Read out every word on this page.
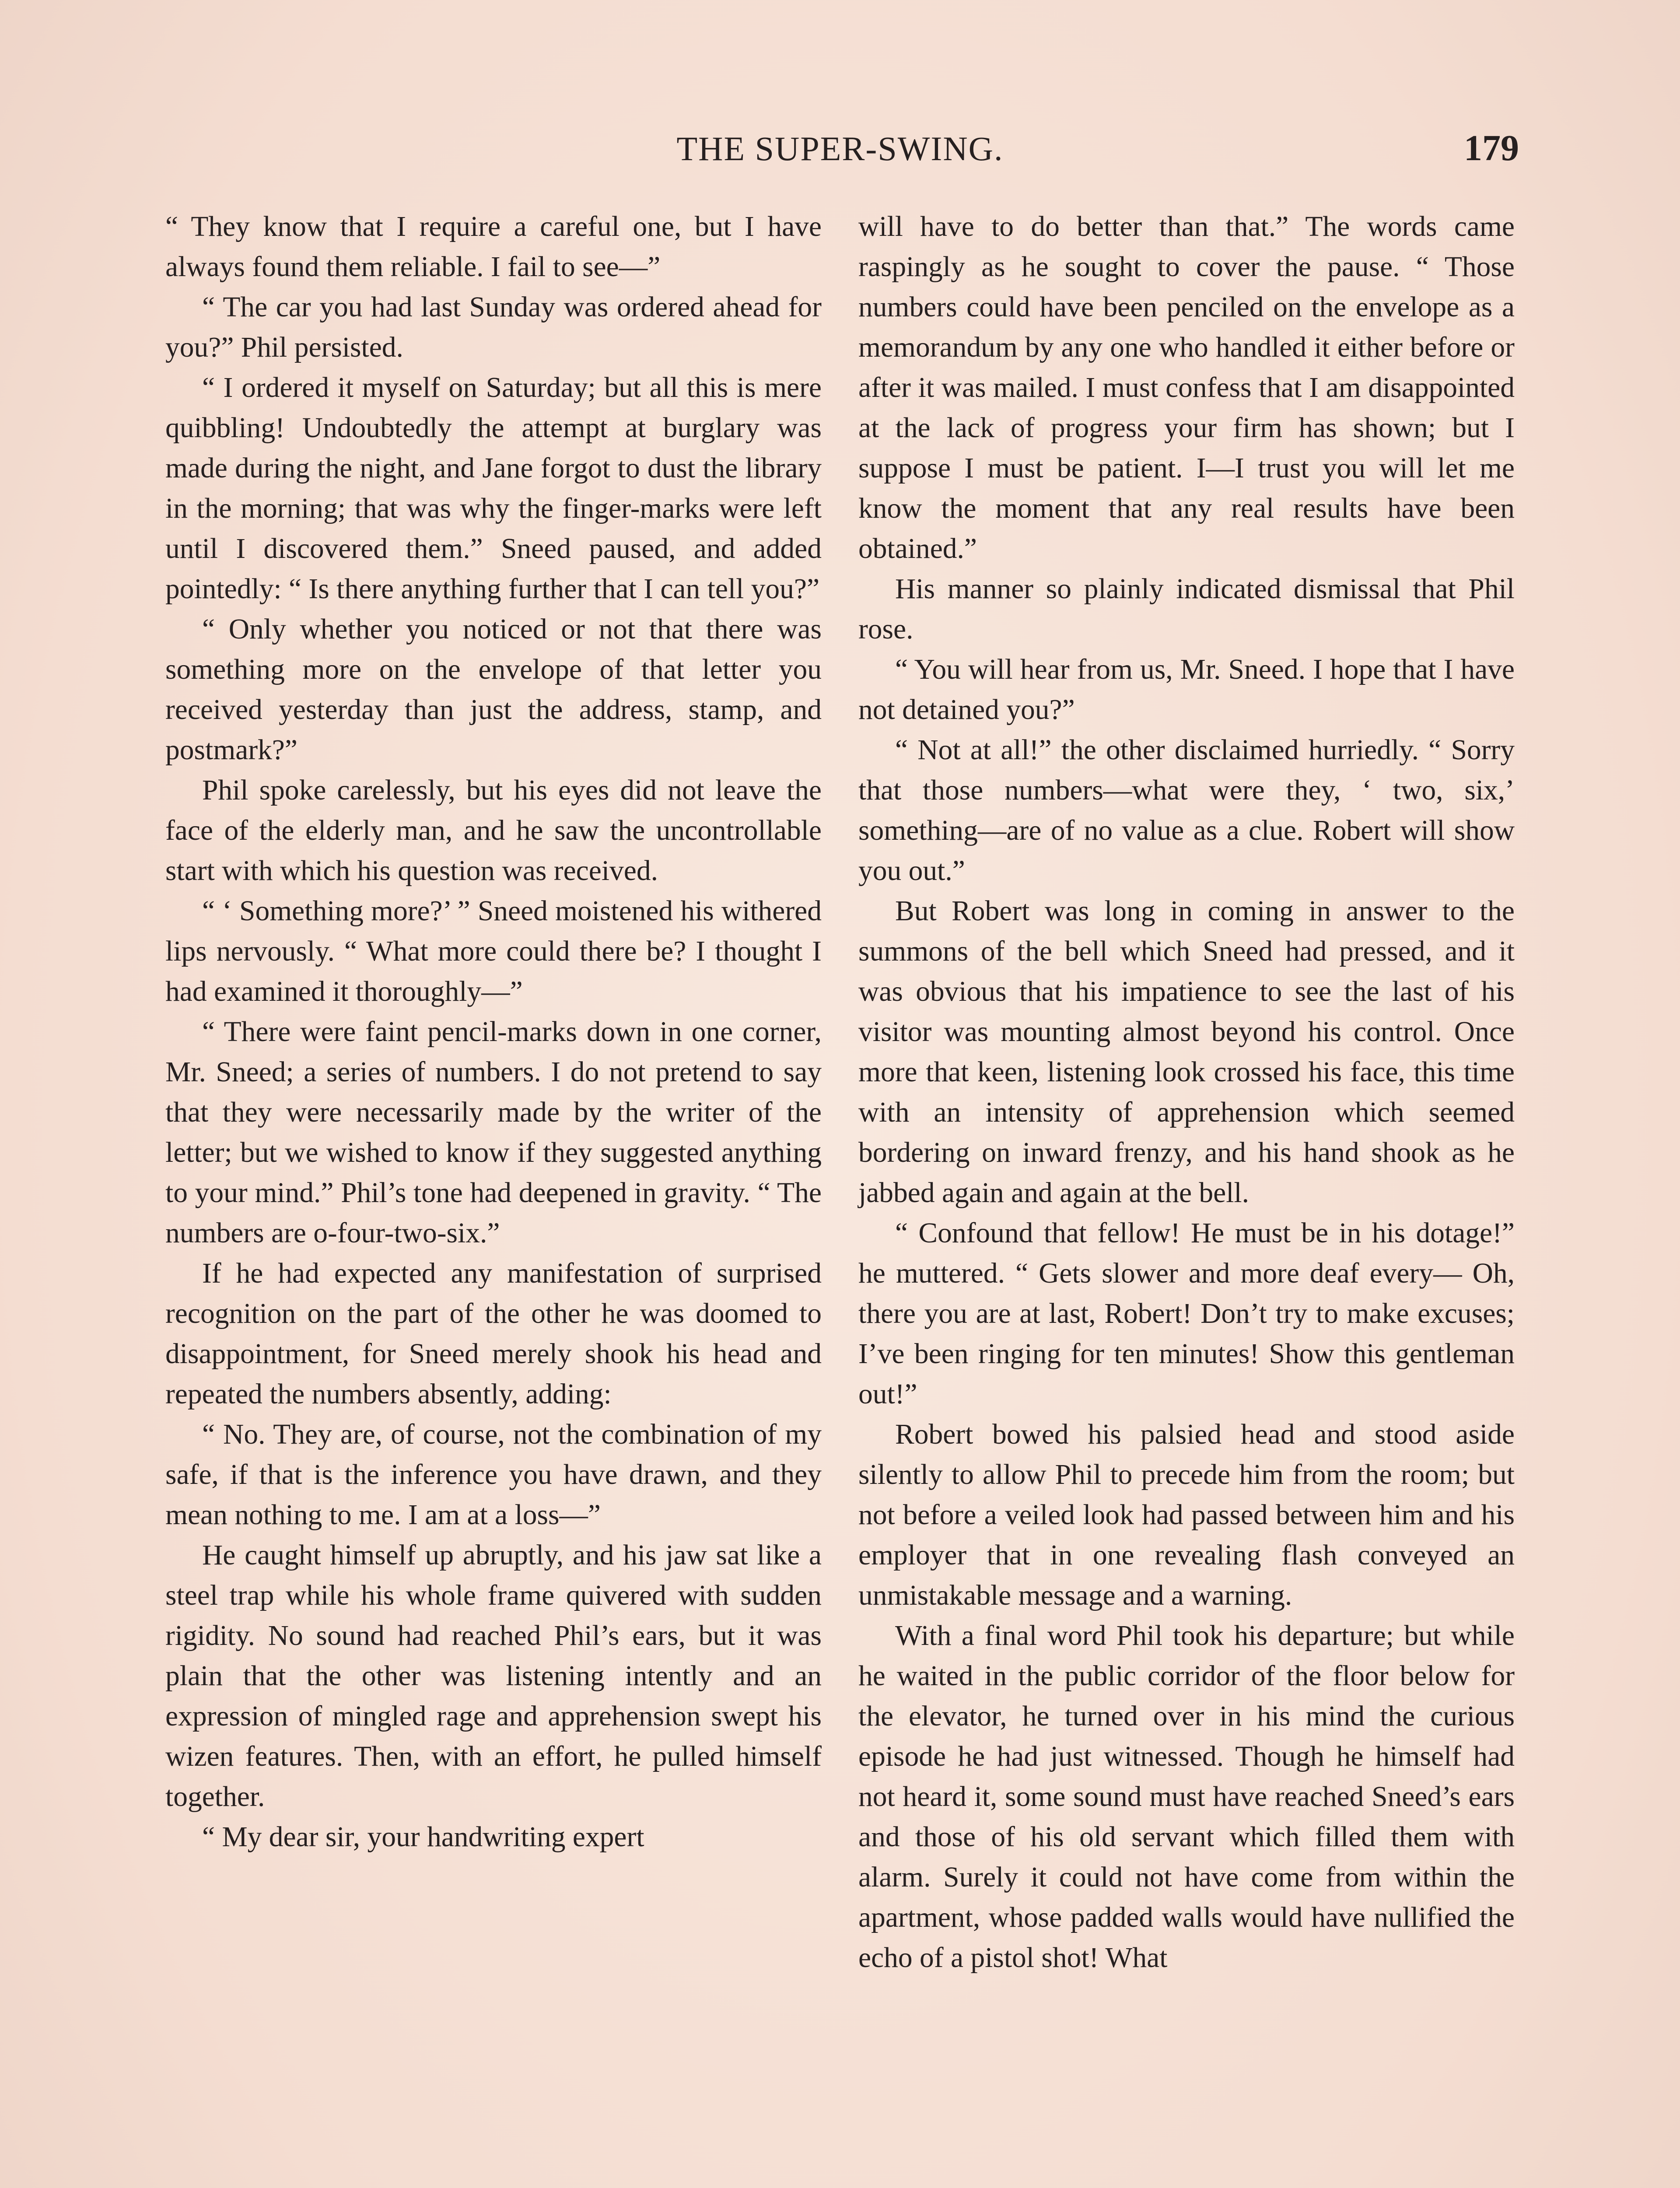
THE SUPER-SWING.	179

“ They know that I require a careful one, but I have always found them reliable. I fail to see—”

“ The car you had last Sunday was ordered ahead for you?” Phil persisted.

“ I ordered it myself on Saturday; but all this is mere quibbling! Undoubtedly the attempt at burglary was made during the night, and Jane forgot to dust the library in the morning; that was why the finger-marks were left until I discovered them.” Sneed paused, and added pointedly: “ Is there anything further that I can tell you?”

“ Only whether you noticed or not that there was something more on the envelope of that letter you received yesterday than just the address, stamp, and postmark?”

Phil spoke carelessly, but his eyes did not leave the face of the elderly man, and he saw the uncontrollable start with which his question was received.

“ ‘ Something more?’ ” Sneed moistened his withered lips nervously. “ What more could there be? I thought I had examined it thoroughly—”

“ There were faint pencil-marks down in one corner, Mr. Sneed; a series of numbers. I do not pretend to say that they were necessarily made by the writer of the letter; but we wished to know if they suggested anything to your mind.” Phil’s tone had deepened in gravity. “ The numbers are o-four-two-six.”

If he had expected any manifestation of surprised recognition on the part of the other he was doomed to disappointment, for Sneed merely shook his head and repeated the numbers absently, adding:

“ No. They are, of course, not the combination of my safe, if that is the inference you have drawn, and they mean nothing to me. I am at a loss—”

He caught himself up abruptly, and his jaw sat like a steel trap while his whole frame quivered with sudden rigidity. No sound had reached Phil’s ears, but it was plain that the other was listening intently and an expression of mingled rage and apprehension swept his wizen features. Then, with an effort, he pulled himself together.

“ My dear sir, your handwriting expert

will have to do better than that.” The words came raspingly as he sought to cover the pause. “ Those numbers could have been penciled on the envelope as a memorandum by any one who handled it either before or after it was mailed. I must confess that I am disappointed at the lack of progress your firm has shown; but I suppose I must be patient. I—I trust you will let me know the moment that any real results have been obtained.”

His manner so plainly indicated dismissal that Phil rose.

“ You will hear from us, Mr. Sneed. I hope that I have not detained you?”

“ Not at all!” the other disclaimed hurriedly. “ Sorry that those numbers—what were they, ‘ two, six,’ something—are of no value as a clue. Robert will show you out.”

But Robert was long in coming in answer to the summons of the bell which Sneed had pressed, and it was obvious that his impatience to see the last of his visitor was mounting almost beyond his control. Once more that keen, listening look crossed his face, this time with an intensity of apprehension which seemed bordering on inward frenzy, and his hand shook as he jabbed again and again at the bell.

“ Confound that fellow! He must be in his dotage!” he muttered. “ Gets slower and more deaf every— Oh, there you are at last, Robert! Don’t try to make excuses; I’ve been ringing for ten minutes! Show this gentleman out!”

Robert bowed his palsied head and stood aside silently to allow Phil to precede him from the room; but not before a veiled look had passed between him and his employer that in one revealing flash conveyed an unmistakable message and a warning.

With a final word Phil took his departure; but while he waited in the public corridor of the floor below for the elevator, he turned over in his mind the curious episode he had just witnessed. Though he himself had not heard it, some sound must have reached Sneed’s ears and those of his old servant which filled them with alarm. Surely it could not have come from within the apartment, whose padded walls would have nullified the echo of a pistol shot! What
